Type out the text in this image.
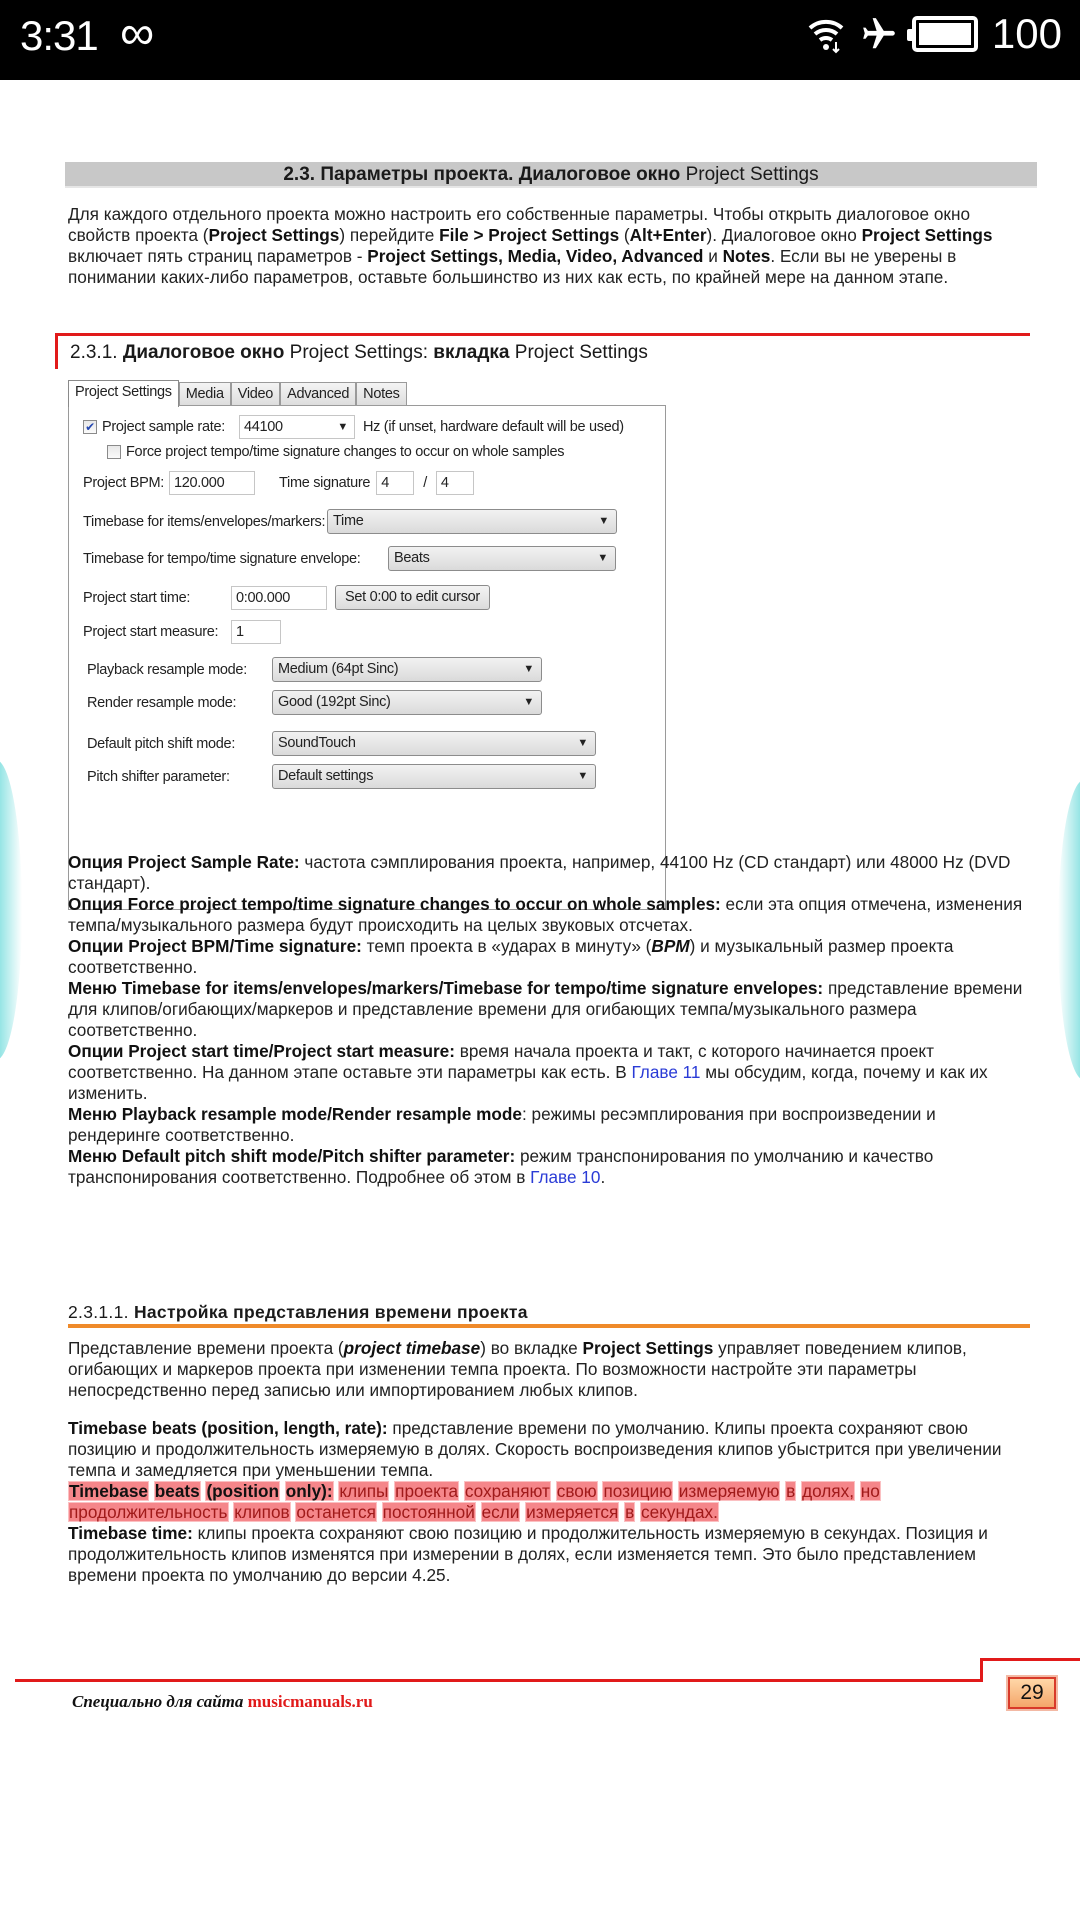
3:31 ∞	100
2.3. Параметры проекта. Диалоговое окно Project Settings
Для каждого отдельного проекта можно настроить его собственные параметры. Чтобы открыть диалоговое окно свойств проекта (Project Settings) перейдите File > Project Settings (Alt+Enter). Диалоговое окно Project Settings включает пять страниц параметров - Project Settings, Media, Video, Advanced и Notes. Если вы не уверены в понимании каких-либо параметров, оставьте большинство из них как есть, по крайней мере на данном этапе.
2.3.1. Диалоговое окно Project Settings: вкладка Project Settings
Project Settings Media Video Advanced Notes
✔ Project sample rate:	44100	▼ Hz (if unset, hardware default will be used)
Force project tempo/time signature changes to occur on whole samples
Project BPM: 120.000	Time signature 4	/ 4
Timebase for items/envelopes/markers: Time	▼
Timebase for tempo/time signature envelope:	Beats	▼
Project start time:	0:00.000	Set 0:00 to edit cursor
Project start measure:	1
Playback resample mode:	Medium (64pt Sinc)	▼
Render resample mode:	Good (192pt Sinc)	▼
Default pitch shift mode:	SoundTouch	▼
Pitch shifter parameter:	Default settings	▼
Опция Project Sample Rate: частота сэмплирования проекта, например, 44100 Hz (CD стандарт) или 48000 Hz (DVD стандарт).
Опция Force project tempo/time signature changes to occur on whole samples: если эта опция отмечена, изменения темпа/музыкального размера будут происходить на целых звуковых отсчетах.
Опции Project BPM/Time signature: темп проекта в «ударах в минуту» (BPM) и музыкальный размер проекта соответственно.
Меню Timebase for items/envelopes/markers/Timebase for tempo/time signature envelopes: представление времени для клипов/огибающих/маркеров и представление времени для огибающих темпа/музыкального размера соответственно.
Опции Project start time/Project start measure: время начала проекта и такт, с которого начинается проект соответственно. На данном этапе оставьте эти параметры как есть. В Главе 11 мы обсудим, когда, почему и как их изменить.
Меню Playback resample mode/Render resample mode: режимы ресэмплирования при воспроизведении и рендеринге соответственно.
Меню Default pitch shift mode/Pitch shifter parameter: режим транспонирования по умолчанию и качество транспонирования соответственно. Подробнее об этом в Главе 10.
2.3.1.1. Настройка представления времени проекта
Представление времени проекта (project timebase) во вкладке Project Settings управляет поведением клипов, огибающих и маркеров проекта при изменении темпа проекта. По возможности настройте эти параметры непосредственно перед записью или импортированием любых клипов.
Timebase beats (position, length, rate): представление времени по умолчанию. Клипы проекта сохраняют свою позицию и продолжительность измеряемую в долях. Скорость воспроизведения клипов убыстрится при увеличении темпа и замедляется при уменьшении темпа.
Timebase beats (position only): клипы проекта сохраняют свою позицию измеряемую в долях, но продолжительность клипов останется постоянной если измеряется в секундах.
Timebase time: клипы проекта сохраняют свою позицию и продолжительность измеряемую в секундах. Позиция и продолжительность клипов изменятся при измерении в долях, если изменяется темп. Это было представлением времени проекта по умолчанию до версии 4.25.
Специально для сайта musicmanuals.ru	29
